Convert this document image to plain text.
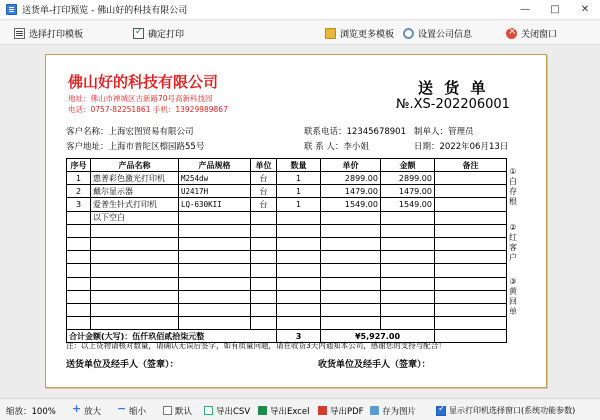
送货单-打印预览 - 佛山好的科技有限公司	—	□	✕
选择打印模板 ✓	确定打印	浏览更多模板	设置公司信息 ×	关闭窗口
佛山好的科技有限公司
地址：佛山市禅城区古新路70号高新科技园
电话：0757-82251861 手机：13929989867
送 货 单
№.XS-202206001
客户名称：上海宏图贸易有限公司	联系电话：12345678901 制单人：管理员
客户地址：上海市普陀区檫园路55号	联 系 人：李小姐	日期：2022年06月13日
序号	产品名称	产品规格	单位	数量	单价	金额	备注
1	惠普彩色激光打印机	M254dw	台	1	2899.00	2899.00	
2	戴尔显示器	U2417H	台	1	1479.00	1479.00	
3	爱普生针式打印机	LQ-630KII	台	1	1549.00	1549.00	
	以下空白						

合计金额(大写)：伍仟玖佰贰拾柒元整				3	¥5,927.00		
①
白
存
根
②
红
客
户
③
黄
回
单
注：以上货物请核对数量，请确认无误后签字，如有质量问题，请在收货3天内通知本公司，感谢您的支持与配合！
送货单位及经手人（签章）：	收货单位及经手人（签章）：
缩放：100% +	放大 −	缩小	默认	导出CSV 导出Excel 导出PDF 存为图片 ✓	显示打印机选择窗口(系统功能参数)
